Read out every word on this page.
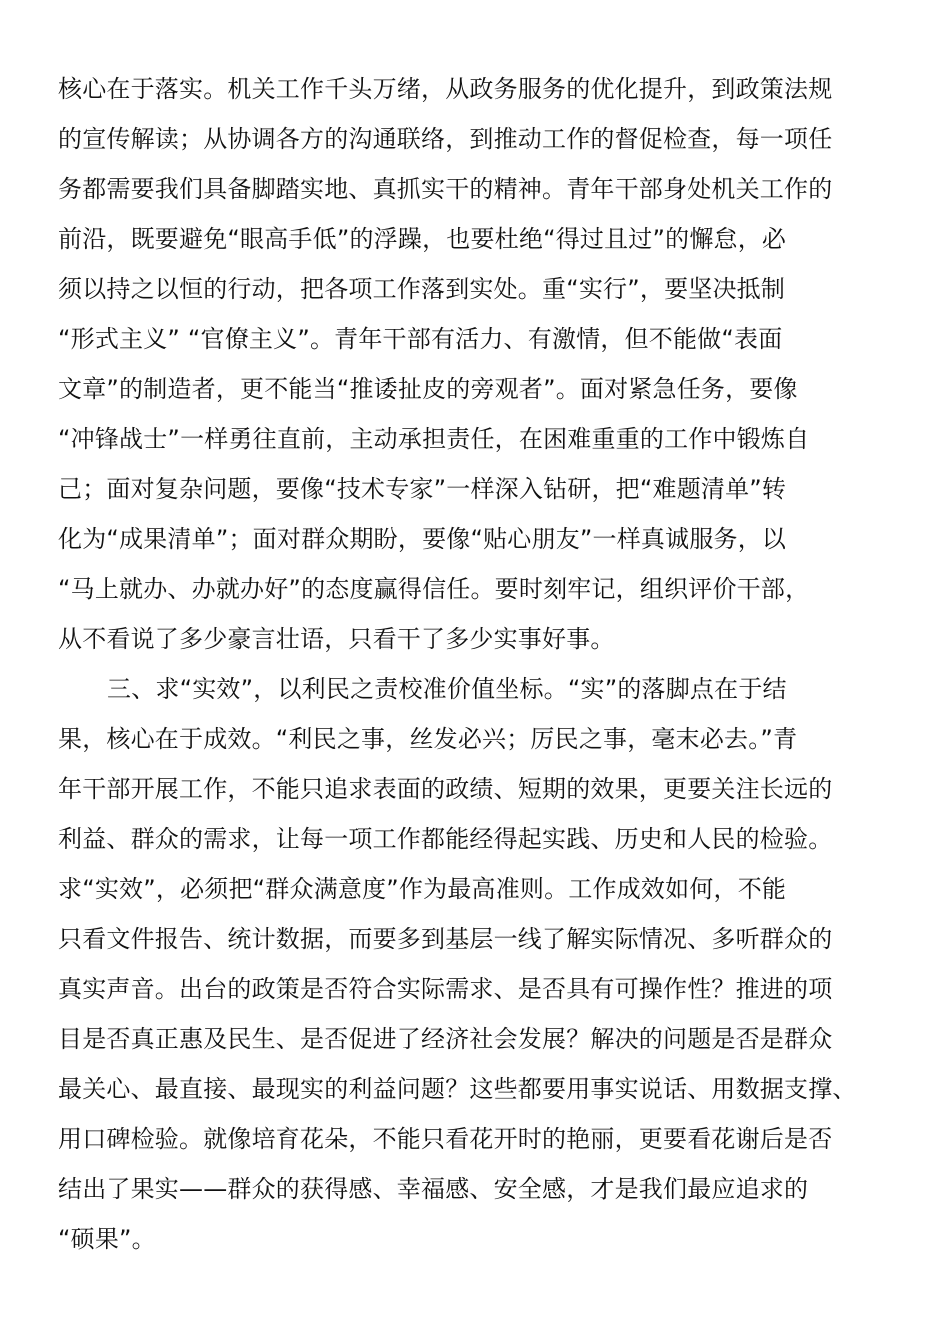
核心在于落实。机关工作千头万绪，从政务服务的优化提升，到政策法规
的宣传解读；从协调各方的沟通联络，到推动工作的督促检查，每一项任
务都需要我们具备脚踏实地、真抓实干的精神。青年干部身处机关工作的
前沿，既要避免“眼高手低”的浮躁，也要杜绝“得过且过”的懈怠，必
须以持之以恒的行动，把各项工作落到实处。重“实行”，要坚决抵制
“形式主义” “官僚主义”。青年干部有活力、有激情，但不能做“表面
文章”的制造者，更不能当“推诿扯皮的旁观者”。面对紧急任务，要像
“冲锋战士”一样勇往直前，主动承担责任，在困难重重的工作中锻炼自
己；面对复杂问题，要像“技术专家”一样深入钻研，把“难题清单”转
化为“成果清单”；面对群众期盼，要像“贴心朋友”一样真诚服务，以
“马上就办、办就办好”的态度赢得信任。要时刻牢记，组织评价干部，
从不看说了多少豪言壮语，只看干了多少实事好事。
三、求“实效”，以利民之责校准价值坐标。“实”的落脚点在于结
果，核心在于成效。“利民之事，丝发必兴；厉民之事，毫末必去。”青
年干部开展工作，不能只追求表面的政绩、短期的效果，更要关注长远的
利益、群众的需求，让每一项工作都能经得起实践、历史和人民的检验。
求“实效”，必须把“群众满意度”作为最高准则。工作成效如何，不能
只看文件报告、统计数据，而要多到基层一线了解实际情况、多听群众的
真实声音。出台的政策是否符合实际需求、是否具有可操作性？推进的项
目是否真正惠及民生、是否促进了经济社会发展？解决的问题是否是群众
最关心、最直接、最现实的利益问题？这些都要用事实说话、用数据支撑、
用口碑检验。就像培育花朵，不能只看花开时的艳丽，更要看花谢后是否
结出了果实——群众的获得感、幸福感、安全感，才是我们最应追求的
“硕果”。
